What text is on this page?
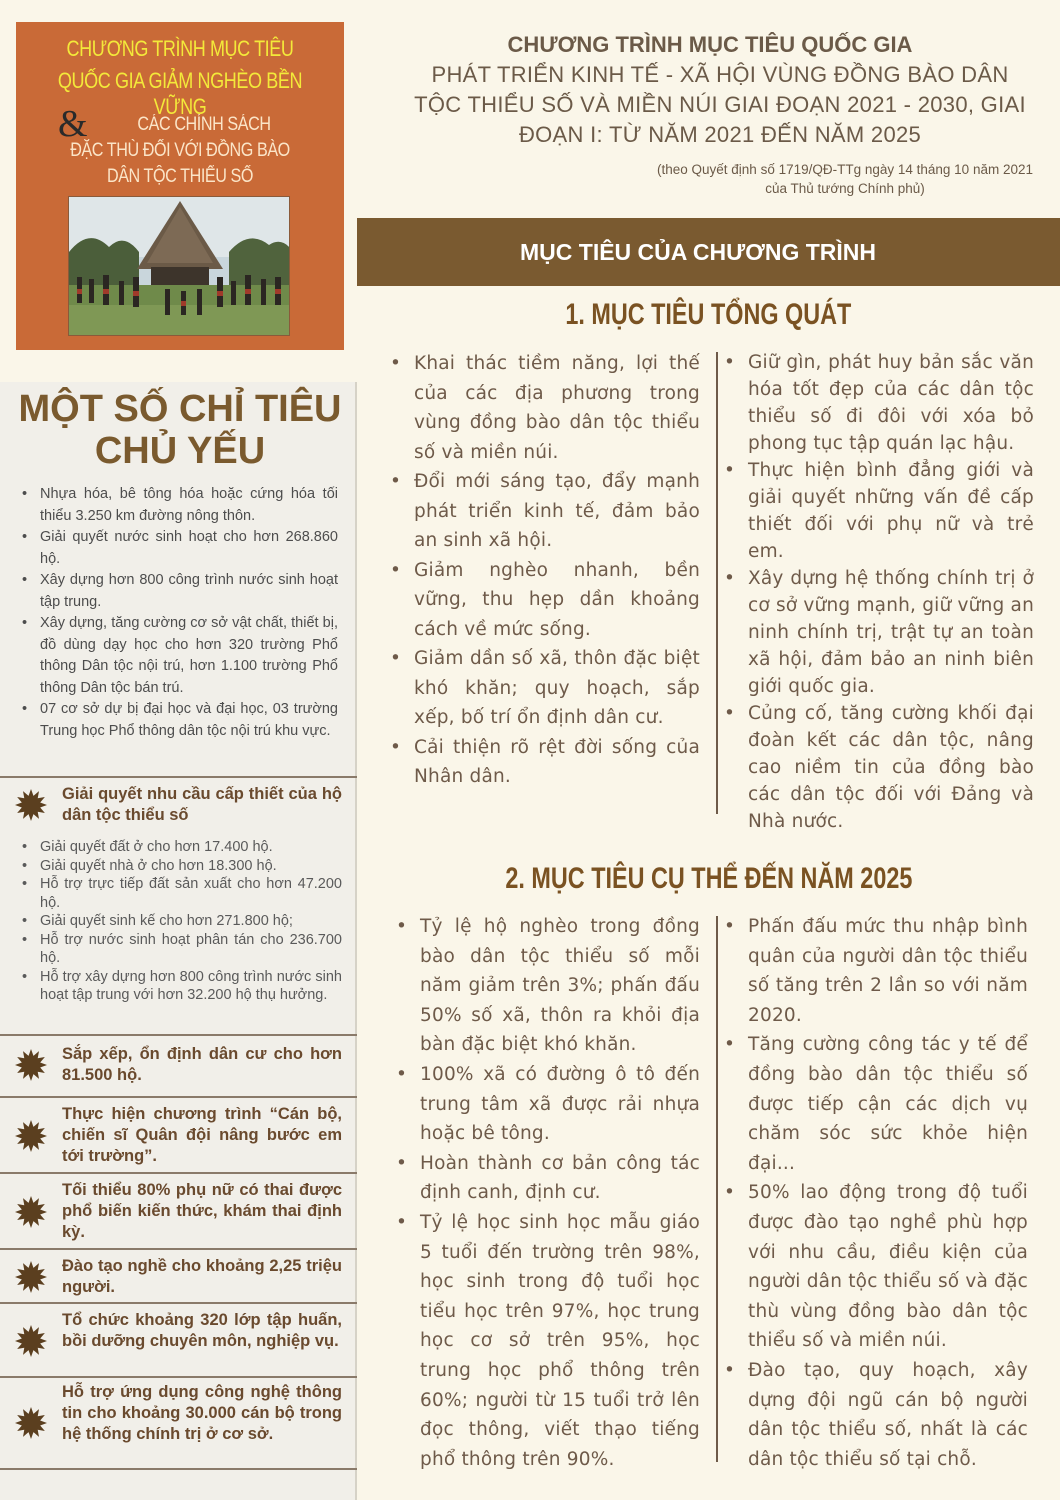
CHƯƠNG TRÌNH MỤC TIÊU
QUỐC GIA GIẢM NGHÈO BỀN VỮNG
&	CÁC CHÍNH SÁCH
ĐẶC THÙ ĐỐI VỚI ĐỒNG BÀO
DÂN TỘC THIỂU SỐ
MỘT SỐ CHỈ TIÊU CHỦ YẾU
• Nhựa hóa, bê tông hóa hoặc cứng hóa tối thiểu 3.250 km đường nông thôn.
• Giải quyết nước sinh hoạt cho hơn 268.860 hộ.
• Xây dựng hơn 800 công trình nước sinh hoạt tập trung.
• Xây dựng, tăng cường cơ sở vật chất, thiết bị, đồ dùng dạy học cho hơn 320 trường Phổ thông Dân tộc nội trú, hơn 1.100 trường Phổ thông Dân tộc bán trú.
• 07 cơ sở dự bị đại học và đại học, 03 trường Trung học Phổ thông dân tộc nội trú khu vực.
Giải quyết nhu cầu cấp thiết của hộ dân tộc thiểu số
• Giải quyết đất ở cho hơn 17.400 hộ.
• Giải quyết nhà ở cho hơn 18.300 hộ.
• Hỗ trợ trực tiếp đất sản xuất cho hơn 47.200 hộ.
• Giải quyết sinh kế cho hơn 271.800 hộ;
• Hỗ trợ nước sinh hoạt phân tán cho 236.700 hộ.
• Hỗ trợ xây dựng hơn 800 công trình nước sinh hoạt tập trung với hơn 32.200 hộ thụ hưởng.
Sắp xếp, ổn định dân cư cho hơn 81.500 hộ.
Thực hiện chương trình “Cán bộ, chiến sĩ Quân đội nâng bước em tới trường”.
Tối thiểu 80% phụ nữ có thai được phổ biến kiến thức, khám thai định kỳ.
Đào tạo nghề cho khoảng 2,25 triệu người.
Tổ chức khoảng 320 lớp tập huấn, bồi dưỡng chuyên môn, nghiệp vụ.
Hỗ trợ ứng dụng công nghệ thông tin cho khoảng 30.000 cán bộ trong hệ thống chính trị ở cơ sở.
CHƯƠNG TRÌNH MỤC TIÊU QUỐC GIA
PHÁT TRIỂN KINH TẾ - XÃ HỘI VÙNG ĐỒNG BÀO DÂN TỘC THIỂU SỐ VÀ MIỀN NÚI GIAI ĐOẠN 2021 - 2030, GIAI ĐOẠN I: TỪ NĂM 2021 ĐẾN NĂM 2025
(theo Quyết định số 1719/QĐ-TTg ngày 14 tháng 10 năm 2021 của Thủ tướng Chính phủ)
MỤC TIÊU CỦA CHƯƠNG TRÌNH
1. MỤC TIÊU TỔNG QUÁT
• Khai thác tiềm năng, lợi thế của các địa phương trong vùng đồng bào dân tộc thiểu số và miền núi.
• Đổi mới sáng tạo, đẩy mạnh phát triển kinh tế, đảm bảo an sinh xã hội.
• Giảm nghèo nhanh, bền vững, thu hẹp dần khoảng cách về mức sống.
• Giảm dần số xã, thôn đặc biệt khó khăn; quy hoạch, sắp xếp, bố trí ổn định dân cư.
• Cải thiện rõ rệt đời sống của Nhân dân.
• Giữ gìn, phát huy bản sắc văn hóa tốt đẹp của các dân tộc thiểu số đi đôi với xóa bỏ phong tục tập quán lạc hậu.
• Thực hiện bình đẳng giới và giải quyết những vấn đề cấp thiết đối với phụ nữ và trẻ em.
• Xây dựng hệ thống chính trị ở cơ sở vững mạnh, giữ vững an ninh chính trị, trật tự an toàn xã hội, đảm bảo an ninh biên giới quốc gia.
• Củng cố, tăng cường khối đại đoàn kết các dân tộc, nâng cao niềm tin của đồng bào các dân tộc đối với Đảng và Nhà nước.
2. MỤC TIÊU CỤ THỂ ĐẾN NĂM 2025
• Tỷ lệ hộ nghèo trong đồng bào dân tộc thiểu số mỗi năm giảm trên 3%; phấn đấu 50% số xã, thôn ra khỏi địa bàn đặc biệt khó khăn.
• 100% xã có đường ô tô đến trung tâm xã được rải nhựa hoặc bê tông.
• Hoàn thành cơ bản công tác định canh, định cư.
• Tỷ lệ học sinh học mẫu giáo 5 tuổi đến trường trên 98%, học sinh trong độ tuổi học tiểu học trên 97%, học trung học cơ sở trên 95%, học trung học phổ thông trên 60%; người từ 15 tuổi trở lên đọc thông, viết thạo tiếng phổ thông trên 90%.
• Phấn đấu mức thu nhập bình quân của người dân tộc thiểu số tăng trên 2 lần so với năm 2020.
• Tăng cường công tác y tế để đồng bào dân tộc thiểu số được tiếp cận các dịch vụ chăm sóc sức khỏe hiện đại...
• 50% lao động trong độ tuổi được đào tạo nghề phù hợp với nhu cầu, điều kiện của người dân tộc thiểu số và đặc thù vùng đồng bào dân tộc thiểu số và miền núi.
• Đào tạo, quy hoạch, xây dựng đội ngũ cán bộ người dân tộc thiểu số, nhất là các dân tộc thiểu số tại chỗ.
